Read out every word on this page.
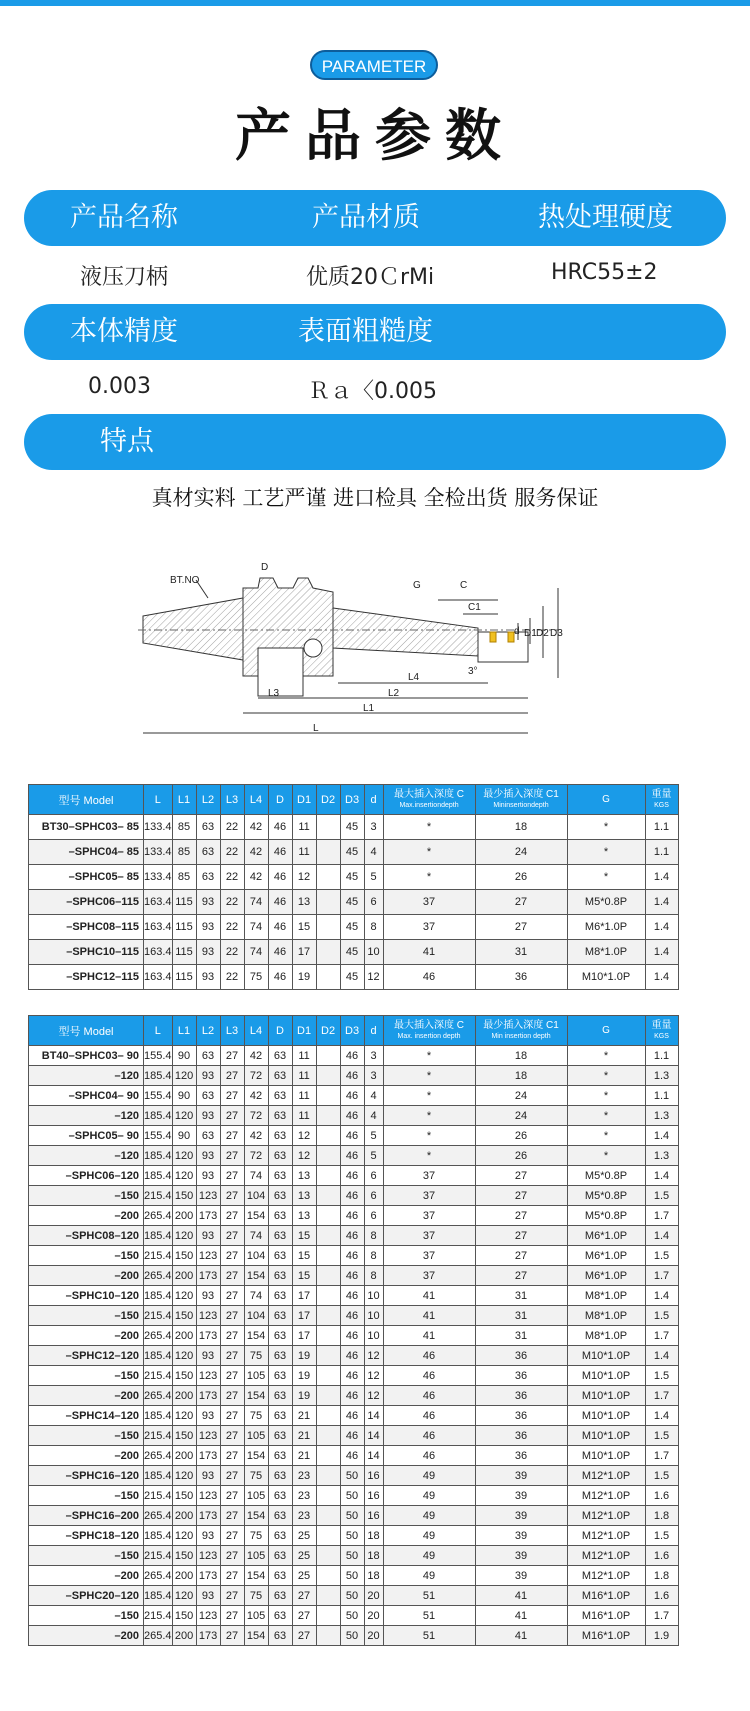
PARAMETER
产品参数
产品名称	产品材质	热处理硬度
液压刀柄	优质20ＣrMi	HRC55±2
本体精度	表面粗糙度
0.003	Ｒａ〈0.005
特点
真材实料 工艺严谨 进口检具 全检出货 服务保证
BT.NO
D
G	C
C1
d D1 D2 D3
3°
L4
L3	L2
L1
L
型号 Model	L	L1	L2	L3	L4	D	D1	D2	D3	d	最大插入深度 C
Max.insertiondepth	最少插入深度 C1
Mininsertiondepth	G	重量
KGS

BT30–SPHC03– 85	133.4	85	63	22	42	46	11		45	3	*	18	*	1.1
–SPHC04– 85	133.4	85	63	22	42	46	11		45	4	*	24	*	1.1
–SPHC05– 85	133.4	85	63	22	42	46	12		45	5	*	26	*	1.4
–SPHC06–115	163.4	115	93	22	74	46	13		45	6	37	27	M5*0.8P	1.4
–SPHC08–115	163.4	115	93	22	74	46	15		45	8	37	27	M6*1.0P	1.4
–SPHC10–115	163.4	115	93	22	74	46	17		45	10	41	31	M8*1.0P	1.4
–SPHC12–115	163.4	115	93	22	75	46	19		45	12	46	36	M10*1.0P	1.4
型号 Model	L	L1	L2	L3	L4	D	D1	D2	D3	d	最大插入深度 C
Max. insertion depth	最少插入深度 C1
Min insertion depth	G	重量
KGS

BT40–SPHC03– 90	155.4	90	63	27	42	63	11		46	3	*	18	*	1.1
–120	185.4	120	93	27	72	63	11		46	3	*	18	*	1.3
–SPHC04– 90	155.4	90	63	27	42	63	11		46	4	*	24	*	1.1
–120	185.4	120	93	27	72	63	11		46	4	*	24	*	1.3
–SPHC05– 90	155.4	90	63	27	42	63	12		46	5	*	26	*	1.4
–120	185.4	120	93	27	72	63	12		46	5	*	26	*	1.3
–SPHC06–120	185.4	120	93	27	74	63	13		46	6	37	27	M5*0.8P	1.4
–150	215.4	150	123	27	104	63	13		46	6	37	27	M5*0.8P	1.5
–200	265.4	200	173	27	154	63	13		46	6	37	27	M5*0.8P	1.7
–SPHC08–120	185.4	120	93	27	74	63	15		46	8	37	27	M6*1.0P	1.4
–150	215.4	150	123	27	104	63	15		46	8	37	27	M6*1.0P	1.5
–200	265.4	200	173	27	154	63	15		46	8	37	27	M6*1.0P	1.7
–SPHC10–120	185.4	120	93	27	74	63	17		46	10	41	31	M8*1.0P	1.4
–150	215.4	150	123	27	104	63	17		46	10	41	31	M8*1.0P	1.5
–200	265.4	200	173	27	154	63	17		46	10	41	31	M8*1.0P	1.7
–SPHC12–120	185.4	120	93	27	75	63	19		46	12	46	36	M10*1.0P	1.4
–150	215.4	150	123	27	105	63	19		46	12	46	36	M10*1.0P	1.5
–200	265.4	200	173	27	154	63	19		46	12	46	36	M10*1.0P	1.7
–SPHC14–120	185.4	120	93	27	75	63	21		46	14	46	36	M10*1.0P	1.4
–150	215.4	150	123	27	105	63	21		46	14	46	36	M10*1.0P	1.5
–200	265.4	200	173	27	154	63	21		46	14	46	36	M10*1.0P	1.7
–SPHC16–120	185.4	120	93	27	75	63	23		50	16	49	39	M12*1.0P	1.5
–150	215.4	150	123	27	105	63	23		50	16	49	39	M12*1.0P	1.6
–SPHC16–200	265.4	200	173	27	154	63	23		50	16	49	39	M12*1.0P	1.8
–SPHC18–120	185.4	120	93	27	75	63	25		50	18	49	39	M12*1.0P	1.5
–150	215.4	150	123	27	105	63	25		50	18	49	39	M12*1.0P	1.6
–200	265.4	200	173	27	154	63	25		50	18	49	39	M12*1.0P	1.8
–SPHC20–120	185.4	120	93	27	75	63	27		50	20	51	41	M16*1.0P	1.6
–150	215.4	150	123	27	105	63	27		50	20	51	41	M16*1.0P	1.7
–200	265.4	200	173	27	154	63	27		50	20	51	41	M16*1.0P	1.9
